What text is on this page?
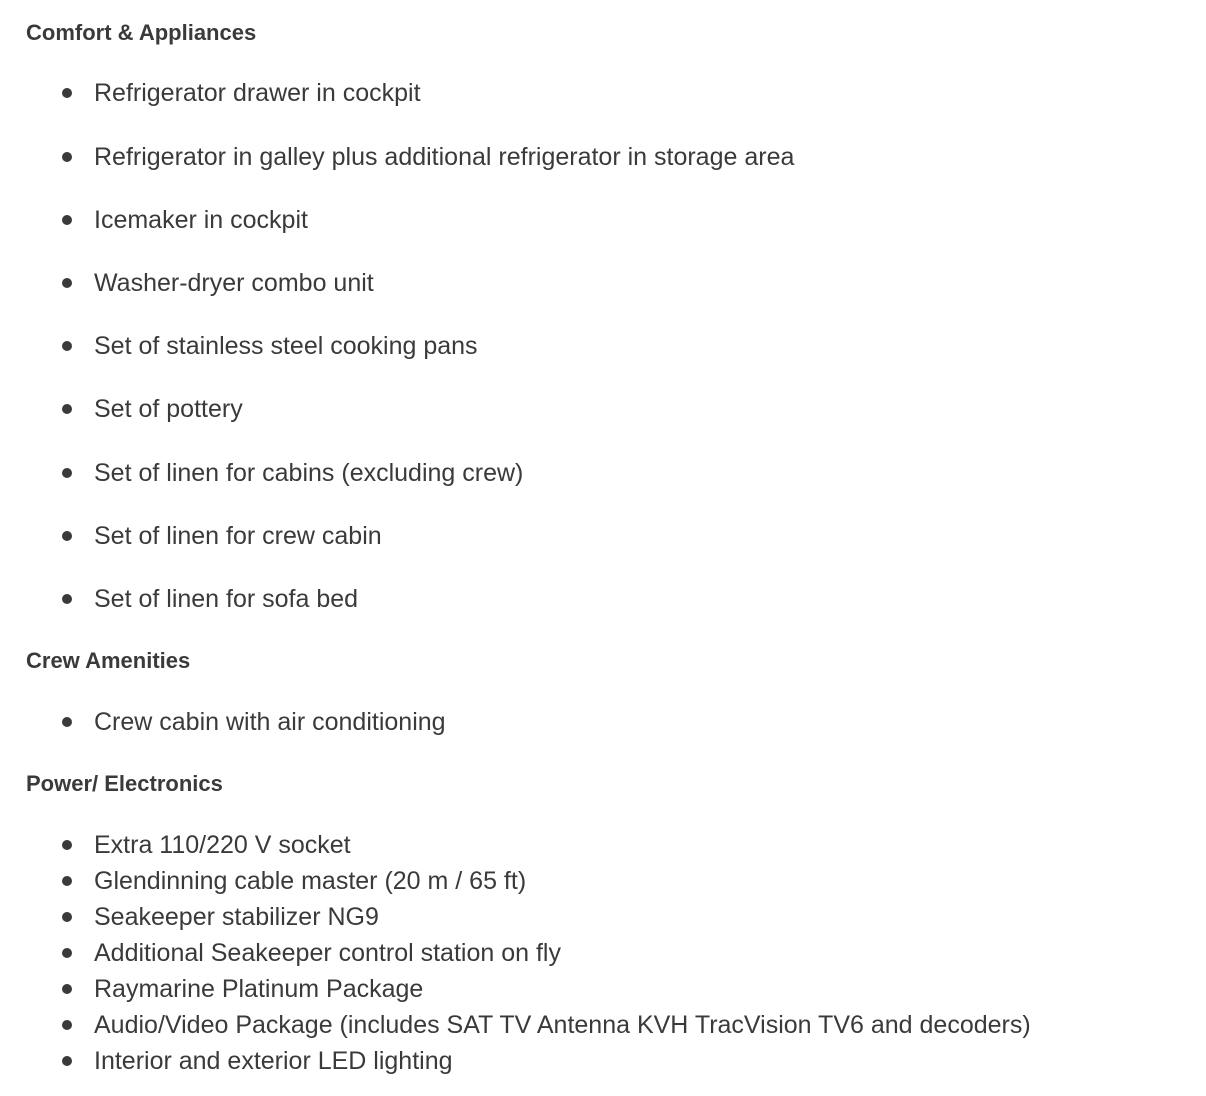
Comfort & Appliances
Refrigerator drawer in cockpit
Refrigerator in galley plus additional refrigerator in storage area
Icemaker in cockpit
Washer-dryer combo unit
Set of stainless steel cooking pans
Set of pottery
Set of linen for cabins (excluding crew)
Set of linen for crew cabin
Set of linen for sofa bed
Crew Amenities
Crew cabin with air conditioning
Power/ Electronics
Extra 110/220 V socket
Glendinning cable master (20 m / 65 ft)
Seakeeper stabilizer NG9
Additional Seakeeper control station on fly
Raymarine Platinum Package
Audio/Video Package (includes SAT TV Antenna KVH TracVision TV6 and decoders)
Interior and exterior LED lighting
